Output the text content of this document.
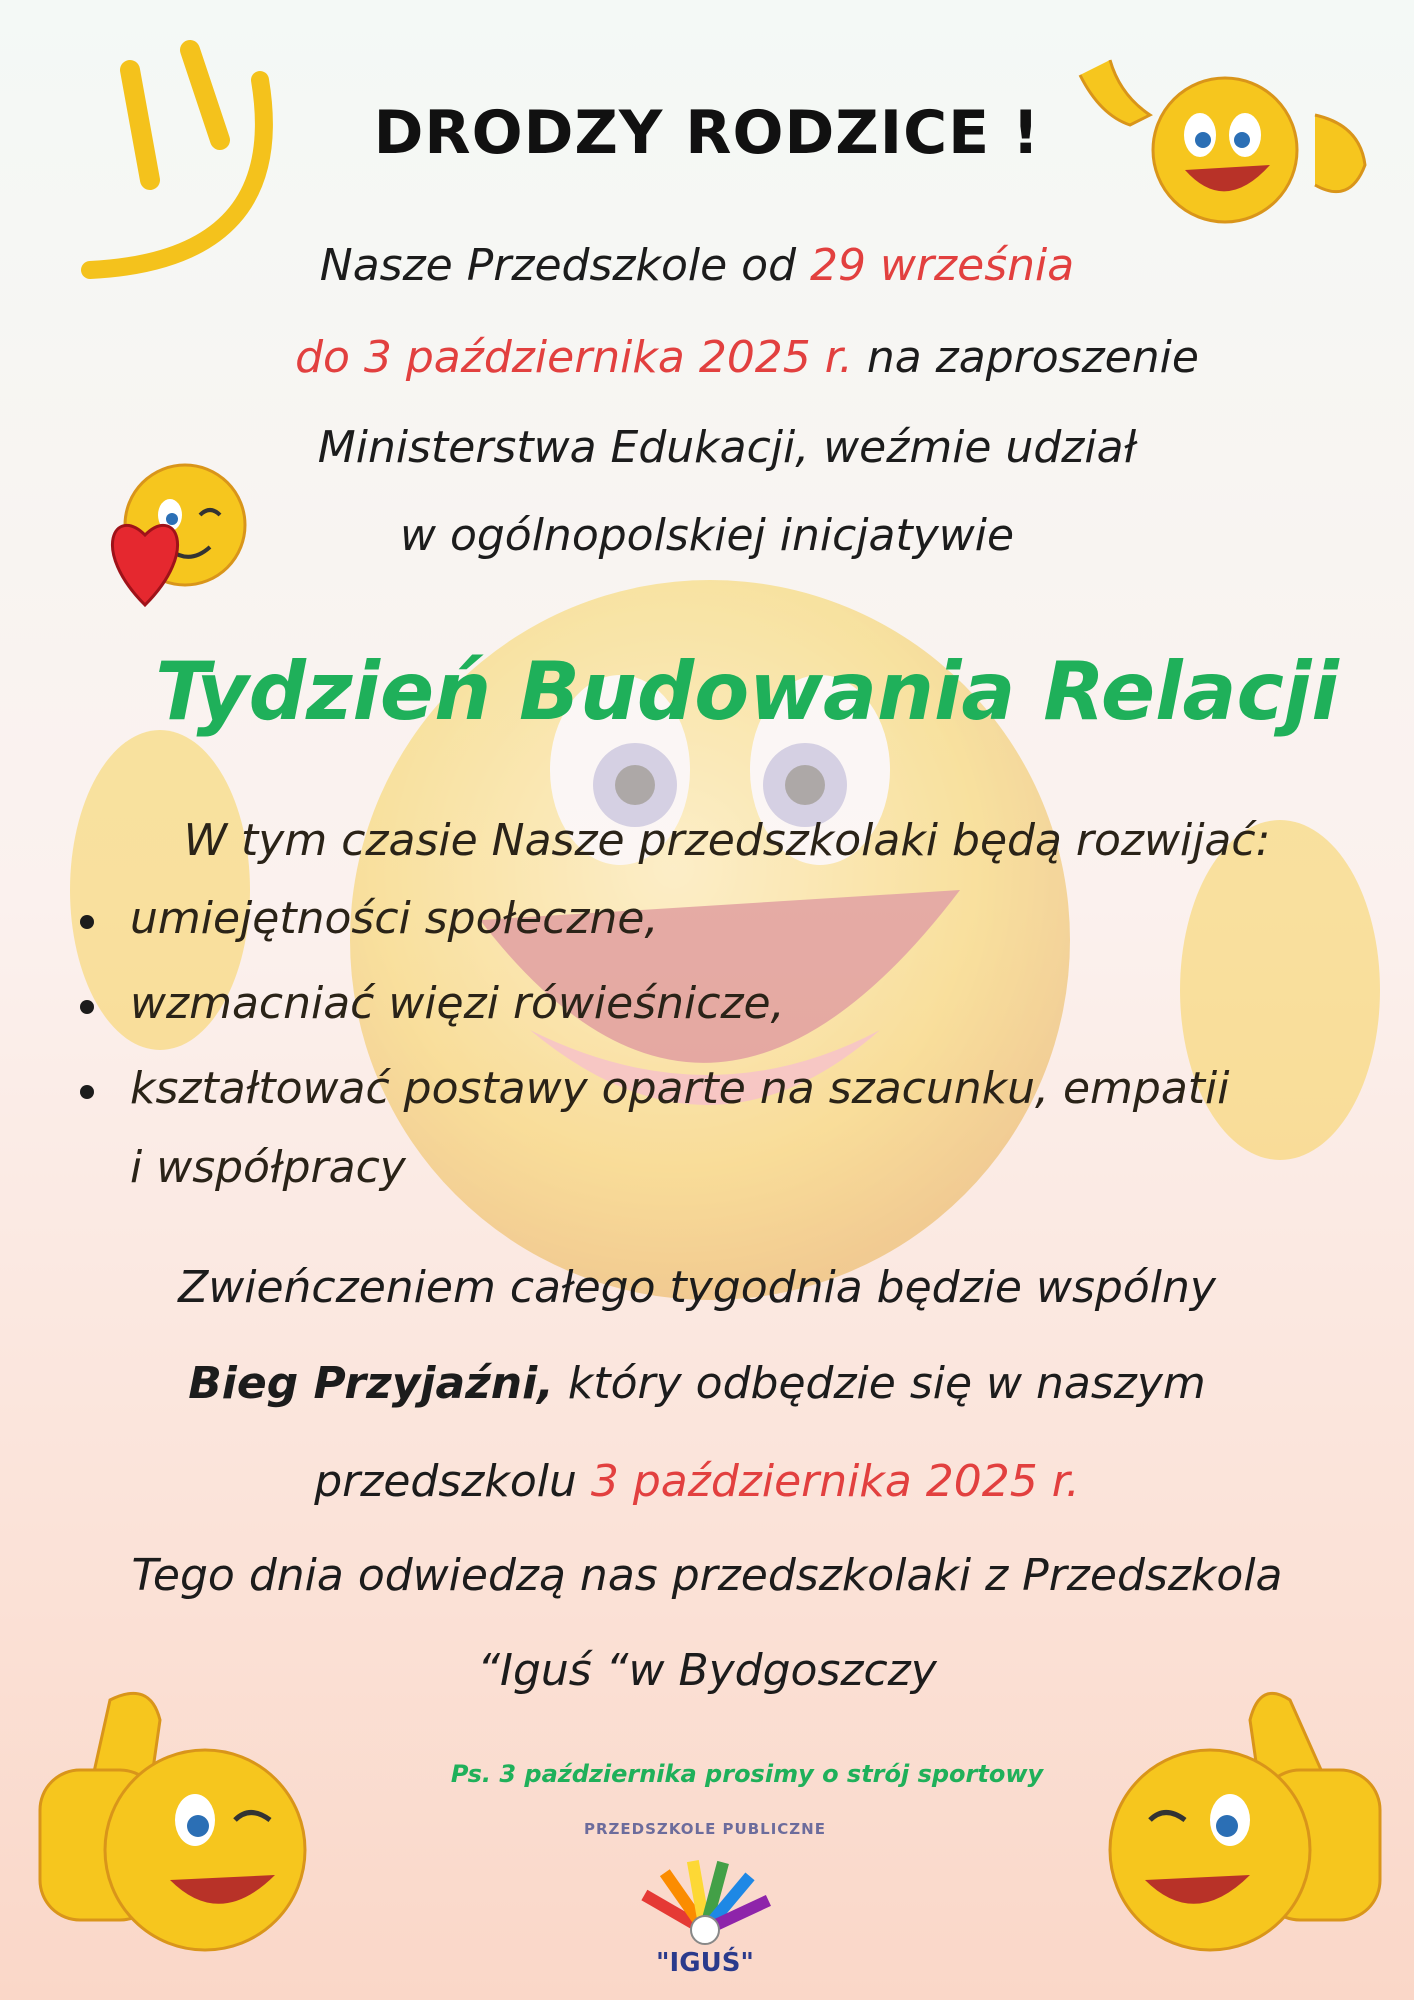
DRODZY RODZICE !
Nasze Przedszkole od 29 września
do 3 października 2025 r. na zaproszenie
Ministerstwa Edukacji, weźmie udział
w ogólnopolskiej inicjatywie
Tydzień Budowania Relacji
W tym czasie Nasze przedszkolaki będą rozwijać:
umiejętności społeczne,
wzmacniać więzi rówieśnicze,
kształtować postawy oparte na szacunku, empatii
i współpracy
Zwieńczeniem całego tygodnia będzie wspólny
Bieg Przyjaźni, który odbędzie się w naszym
przedszkolu 3 października 2025 r.
Tego dnia odwiedzą nas przedszkolaki z Przedszkola
“Iguś “w Bydgoszczy
Ps. 3 października prosimy o strój sportowy
PRZEDSZKOLE PUBLICZNE
"IGUŚ"
